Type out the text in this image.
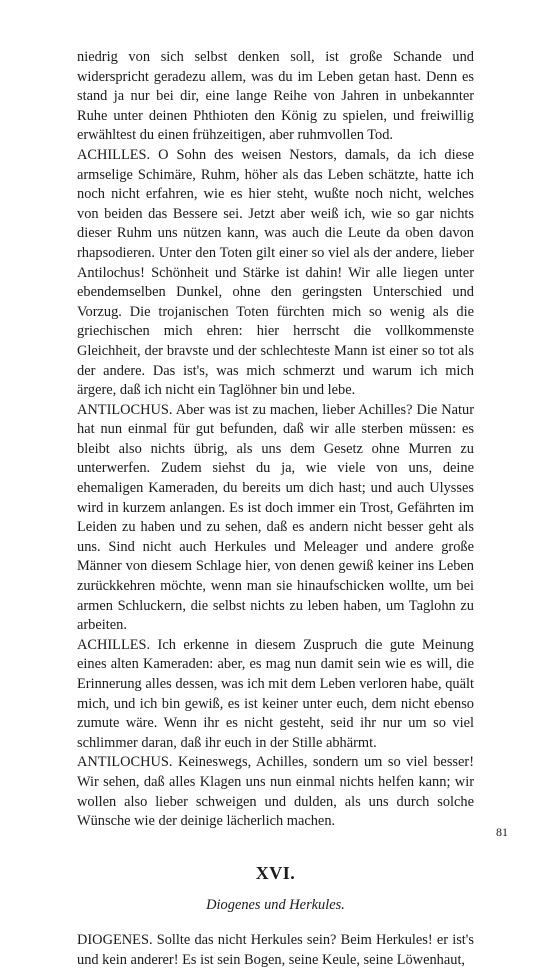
niedrig von sich selbst denken soll, ist große Schande und widerspricht geradezu allem, was du im Leben getan hast. Denn es stand ja nur bei dir, eine lange Reihe von Jahren in unbekannter Ruhe unter deinen Phthioten den König zu spielen, und freiwillig erwähltest du einen frühzeitigen, aber ruhmvollen Tod.

ACHILLES. O Sohn des weisen Nestors, damals, da ich diese armselige Schimäre, Ruhm, höher als das Leben schätzte, hatte ich noch nicht erfahren, wie es hier steht, wußte noch nicht, welches von beiden das Bessere sei. Jetzt aber weiß ich, wie so gar nichts dieser Ruhm uns nützen kann, was auch die Leute da oben davon rhapsodieren. Unter den Toten gilt einer so viel als der andere, lieber Antilochus! Schönheit und Stärke ist dahin! Wir alle liegen unter ebendemselben Dunkel, ohne den geringsten Unterschied und Vorzug. Die trojanischen Toten fürchten mich so wenig als die griechischen mich ehren: hier herrscht die vollkommenste Gleichheit, der bravste und der schlechteste Mann ist einer so tot als der andere. Das ist's, was mich schmerzt und warum ich mich ärgere, daß ich nicht ein Taglöhner bin und lebe.

ANTILOCHUS. Aber was ist zu machen, lieber Achilles? Die Natur hat nun einmal für gut befunden, daß wir alle sterben müssen: es bleibt also nichts übrig, als uns dem Gesetz ohne Murren zu unterwerfen. Zudem siehst du ja, wie viele von uns, deine ehemaligen Kameraden, du bereits um dich hast; und auch Ulysses wird in kurzem anlangen. Es ist doch immer ein Trost, Gefährten im Leiden zu haben und zu sehen, daß es andern nicht besser geht als uns. Sind nicht auch Herkules und Meleager und andere große Männer von diesem Schlage hier, von denen gewiß keiner ins Leben zurückkehren möchte, wenn man sie hinaufschicken wollte, um bei armen Schluckern, die selbst nichts zu leben haben, um Taglohn zu arbeiten.

ACHILLES. Ich erkenne in diesem Zuspruch die gute Meinung eines alten Kameraden: aber, es mag nun damit sein wie es will, die Erinnerung alles dessen, was ich mit dem Leben verloren habe, quält mich, und ich bin gewiß, es ist keiner unter euch, dem nicht ebenso zumute wäre. Wenn ihr es nicht gesteht, seid ihr nur um so viel schlimmer daran, daß ihr euch in der Stille abhärmt.

ANTILOCHUS. Keineswegs, Achilles, sondern um so viel besser! Wir sehen, daß alles Klagen uns nun einmal nichts helfen kann; wir wollen also lieber schweigen und dulden, als uns durch solche Wünsche wie der deinige lächerlich machen.

XVI.
Diogenes und Herkules.

DIOGENES. Sollte das nicht Herkules sein? Beim Herkules! er ist's und kein anderer! Es ist sein Bogen, seine Keule, seine Löwenhaut,

81
